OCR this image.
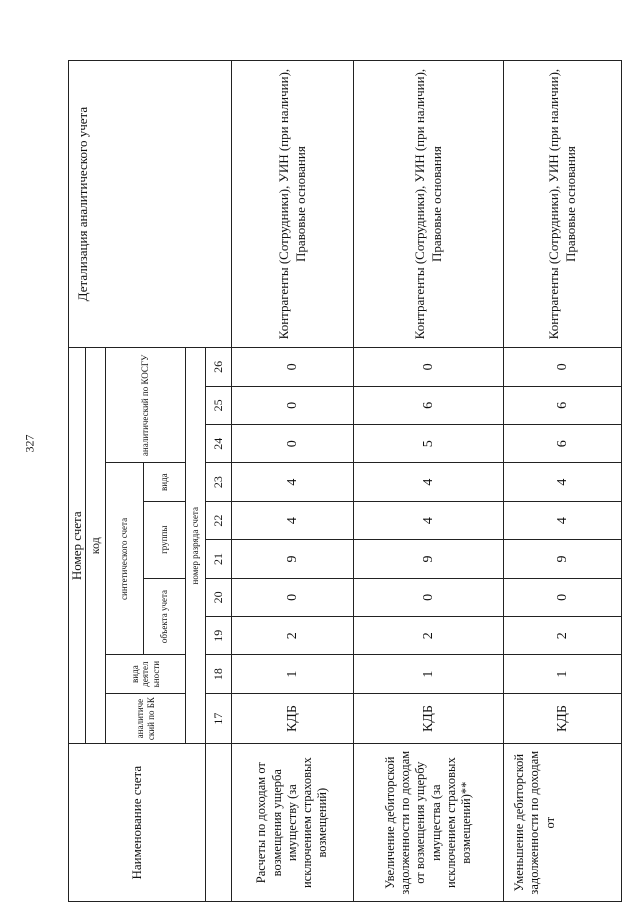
327
Наименование счета	Номер счета										Детализация аналитического учета
	код										
	аналитиче ский по БК	вида деятел ьности	синтетического счета					аналитический по КОСГУ			
			объекта учета		группы		вида				
	номер разряда счета										
	17	18	19	20	21	22	23	24	25	26	
Расчеты по доходам от возмещения ущерба имуществу (за исключением страховых возмещений)	КДБ	1	2	0	9	4	4	0	0	0	Контрагенты (Сотрудники), УИН (при наличии), Правовые основания
Увеличение дебиторской задолженности по доходам от возмещения ущербу имущества (за исключением страховых возмещений)**	КДБ	1	2	0	9	4	4	5	6	0	Контрагенты (Сотрудники), УИН (при наличии), Правовые основания
Уменьшение дебиторской задолженности по доходам от	КДБ	1	2	0	9	4	4	6	6	0	Контрагенты (Сотрудники), УИН (при наличии), Правовые основания
